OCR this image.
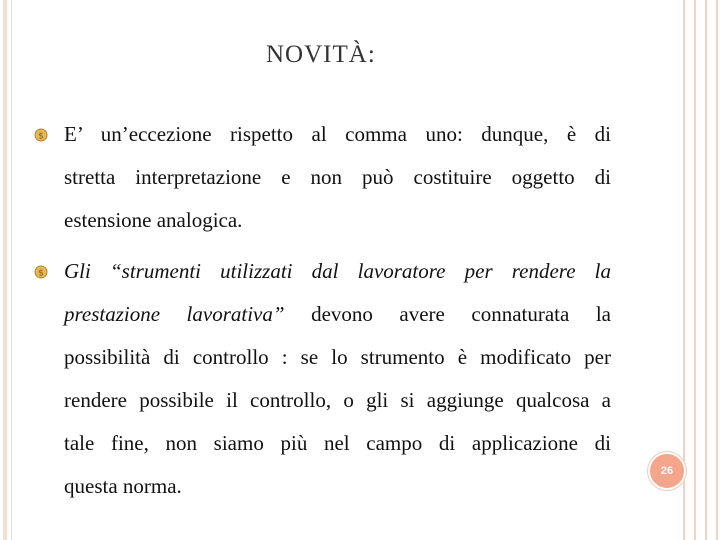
NOVITÀ:
$ E’ un’eccezione rispetto al comma uno: dunque, è di
stretta interpretazione e non può costituire oggetto di
estensione analogica.
$ Gli “strumenti utilizzati dal lavoratore per rendere la
prestazione lavorativa” devono avere connaturata la
possibilità di controllo : se lo strumento è modificato per
rendere possibile il controllo, o gli si aggiunge qualcosa a
tale fine, non siamo più nel campo di applicazione di
questa norma.
26
